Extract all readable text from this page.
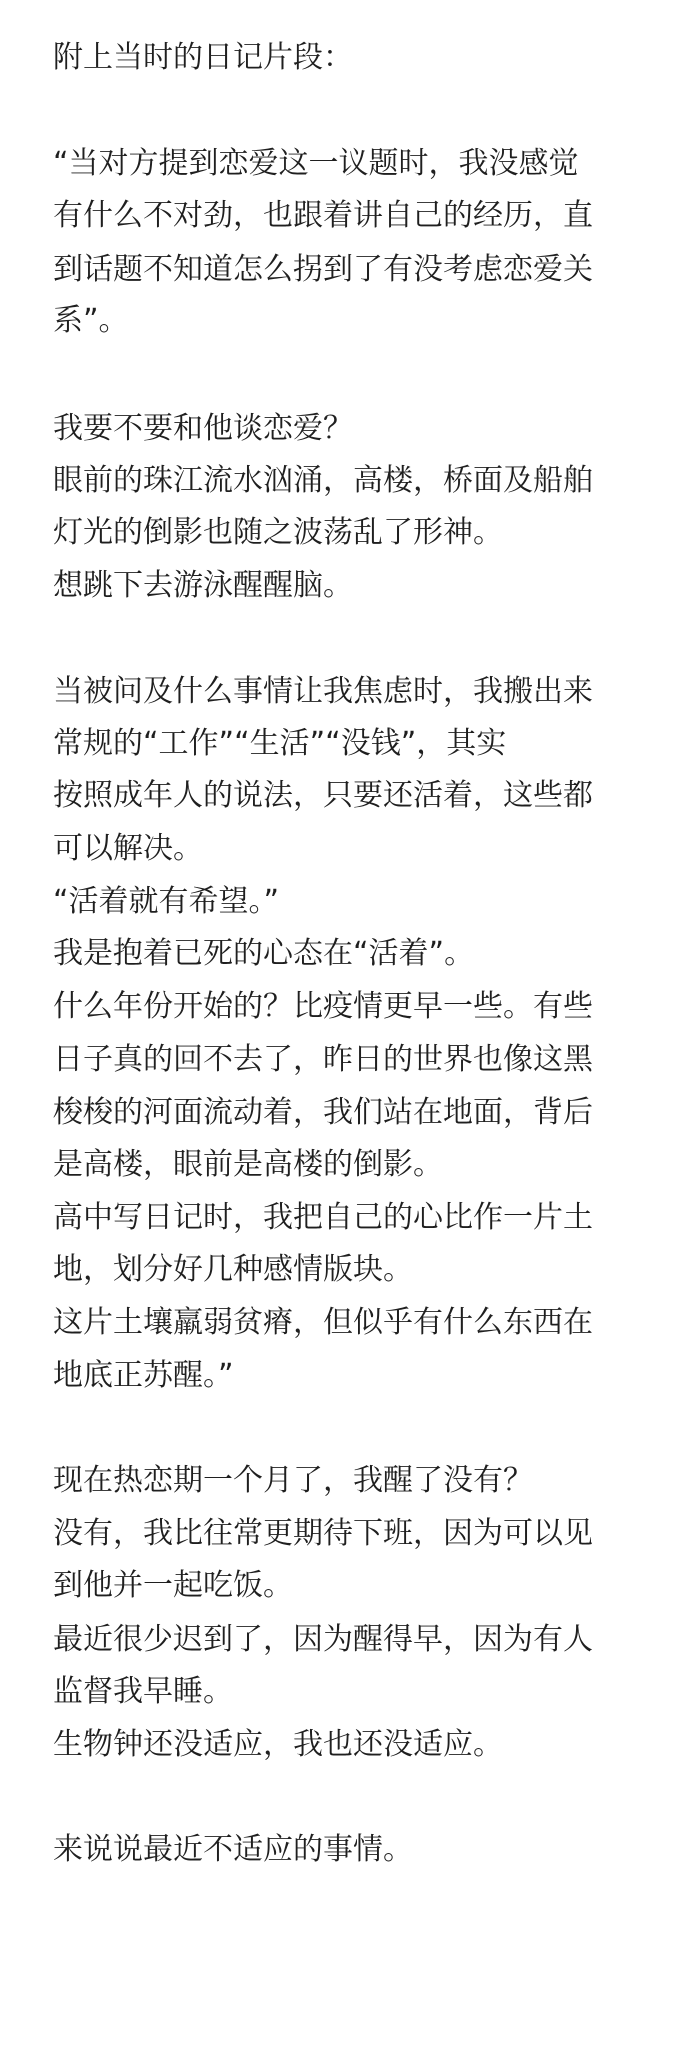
附上当时的日记片段：

“当对方提到恋爱这一议题时，我没感觉

有什么不对劲，也跟着讲自己的经历，直

到话题不知道怎么拐到了有没考虑恋爱关

系”。

我要不要和他谈恋爱？

眼前的珠江流水汹涌，高楼，桥面及船舶

灯光的倒影也随之波荡乱了形神。

想跳下去游泳醒醒脑。

当被问及什么事情让我焦虑时，我搬出来

常规的“工作”“生活”“没钱”，其实

按照成年人的说法，只要还活着，这些都

可以解决。

“活着就有希望。”

我是抱着已死的心态在“活着”。

什么年份开始的？比疫情更早一些。有些

日子真的回不去了，昨日的世界也像这黑

梭梭的河面流动着，我们站在地面，背后

是高楼，眼前是高楼的倒影。

高中写日记时，我把自己的心比作一片土

地，划分好几种感情版块。

这片土壤羸弱贫瘠，但似乎有什么东西在

地底正苏醒。”

现在热恋期一个月了，我醒了没有？

没有，我比往常更期待下班，因为可以见

到他并一起吃饭。

最近很少迟到了，因为醒得早，因为有人

监督我早睡。

生物钟还没适应，我也还没适应。

来说说最近不适应的事情。
